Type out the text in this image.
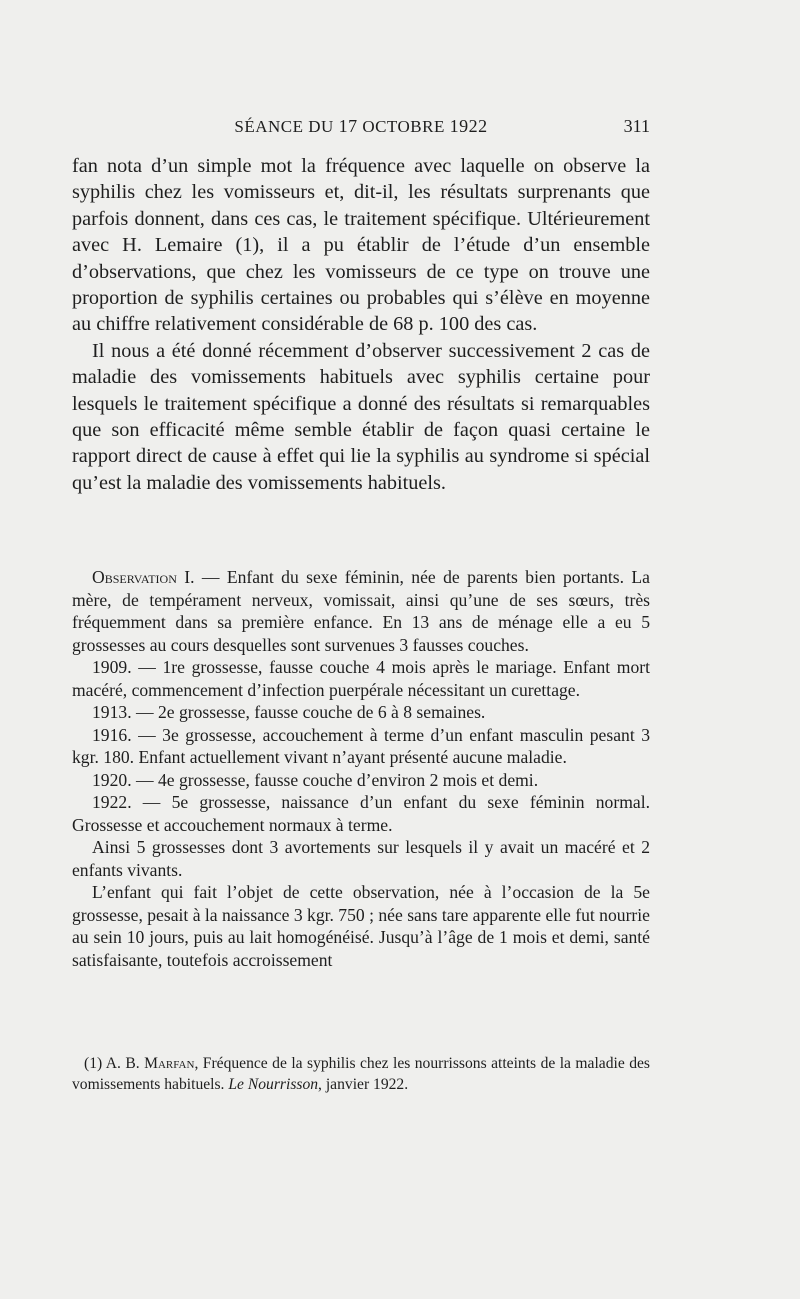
SÉANCE DU 17 OCTOBRE 1922	311

fan nota d’un simple mot la fréquence avec laquelle on observe la syphilis chez les vomisseurs et, dit-il, les résultats surprenants que parfois donnent, dans ces cas, le traitement spécifique. Ultérieurement avec H. Lemaire (1), il a pu établir de l’étude d’un ensemble d’observations, que chez les vomisseurs de ce type on trouve une proportion de syphilis certaines ou probables qui s’élève en moyenne au chiffre relativement considérable de 68 p. 100 des cas.

Il nous a été donné récemment d’observer successivement 2 cas de maladie des vomissements habituels avec syphilis certaine pour lesquels le traitement spécifique a donné des résultats si remarquables que son efficacité même semble établir de façon quasi certaine le rapport direct de cause à effet qui lie la syphilis au syndrome si spécial qu’est la maladie des vomissements habituels.

Observation I. — Enfant du sexe féminin, née de parents bien portants. La mère, de tempérament nerveux, vomissait, ainsi qu’une de ses sœurs, très fréquemment dans sa première enfance. En 13 ans de ménage elle a eu 5 grossesses au cours desquelles sont survenues 3 fausses couches.

1909. — 1re grossesse, fausse couche 4 mois après le mariage. Enfant mort macéré, commencement d’infection puerpérale nécessitant un curettage.

1913. — 2e grossesse, fausse couche de 6 à 8 semaines.

1916. — 3e grossesse, accouchement à terme d’un enfant masculin pesant 3 kgr. 180. Enfant actuellement vivant n’ayant présenté aucune maladie.

1920. — 4e grossesse, fausse couche d’environ 2 mois et demi.

1922. — 5e grossesse, naissance d’un enfant du sexe féminin normal. Grossesse et accouchement normaux à terme.

Ainsi 5 grossesses dont 3 avortements sur lesquels il y avait un macéré et 2 enfants vivants.

L’enfant qui fait l’objet de cette observation, née à l’occasion de la 5e grossesse, pesait à la naissance 3 kgr. 750 ; née sans tare apparente elle fut nourrie au sein 10 jours, puis au lait homogénéisé. Jusqu’à l’âge de 1 mois et demi, santé satisfaisante, toutefois accroissement

(1) A. B. Marfan, Fréquence de la syphilis chez les nourrissons atteints de la maladie des vomissements habituels. Le Nourrisson, janvier 1922.
